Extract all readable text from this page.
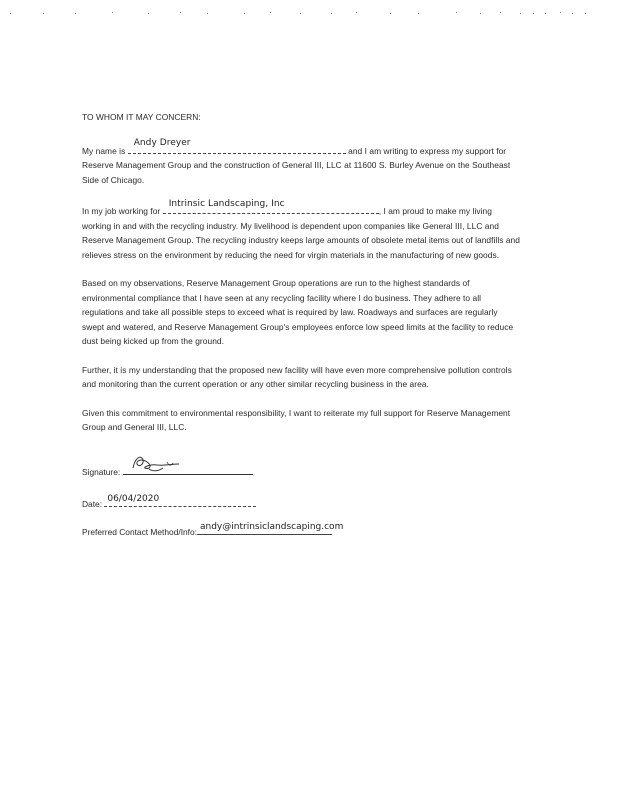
TO WHOM IT MAY CONCERN:

My name is
Andy Dreyer
and I am writing to express my support for Reserve Management Group and the construction of General III, LLC at 11600 S. Burley Avenue on the Southeast Side of Chicago.

In my job working for
Intrinsic Landscaping, Inc
, I am proud to make my living working in and with the recycling industry. My livelihood is dependent upon companies like General III, LLC and Reserve Management Group. The recycling industry keeps large amounts of obsolete metal items out of landfills and relieves stress on the environment by reducing the need for virgin materials in the manufacturing of new goods.

Based on my observations, Reserve Management Group operations are run to the highest standards of environmental compliance that I have seen at any recycling facility where I do business. They adhere to all regulations and take all possible steps to exceed what is required by law. Roadways and surfaces are regularly swept and watered, and Reserve Management Group's employees enforce low speed limits at the facility to reduce dust being kicked up from the ground.

Further, it is my understanding that the proposed new facility will have even more comprehensive pollution controls and monitoring than the current operation or any other similar recycling business in the area.

Given this commitment to environmental responsibility, I want to reiterate my full support for Reserve Management Group and General III, LLC.

Signature:
Date: 06/04/2020
Preferred Contact Method/Info: andy@intrinsiclandscaping.com
